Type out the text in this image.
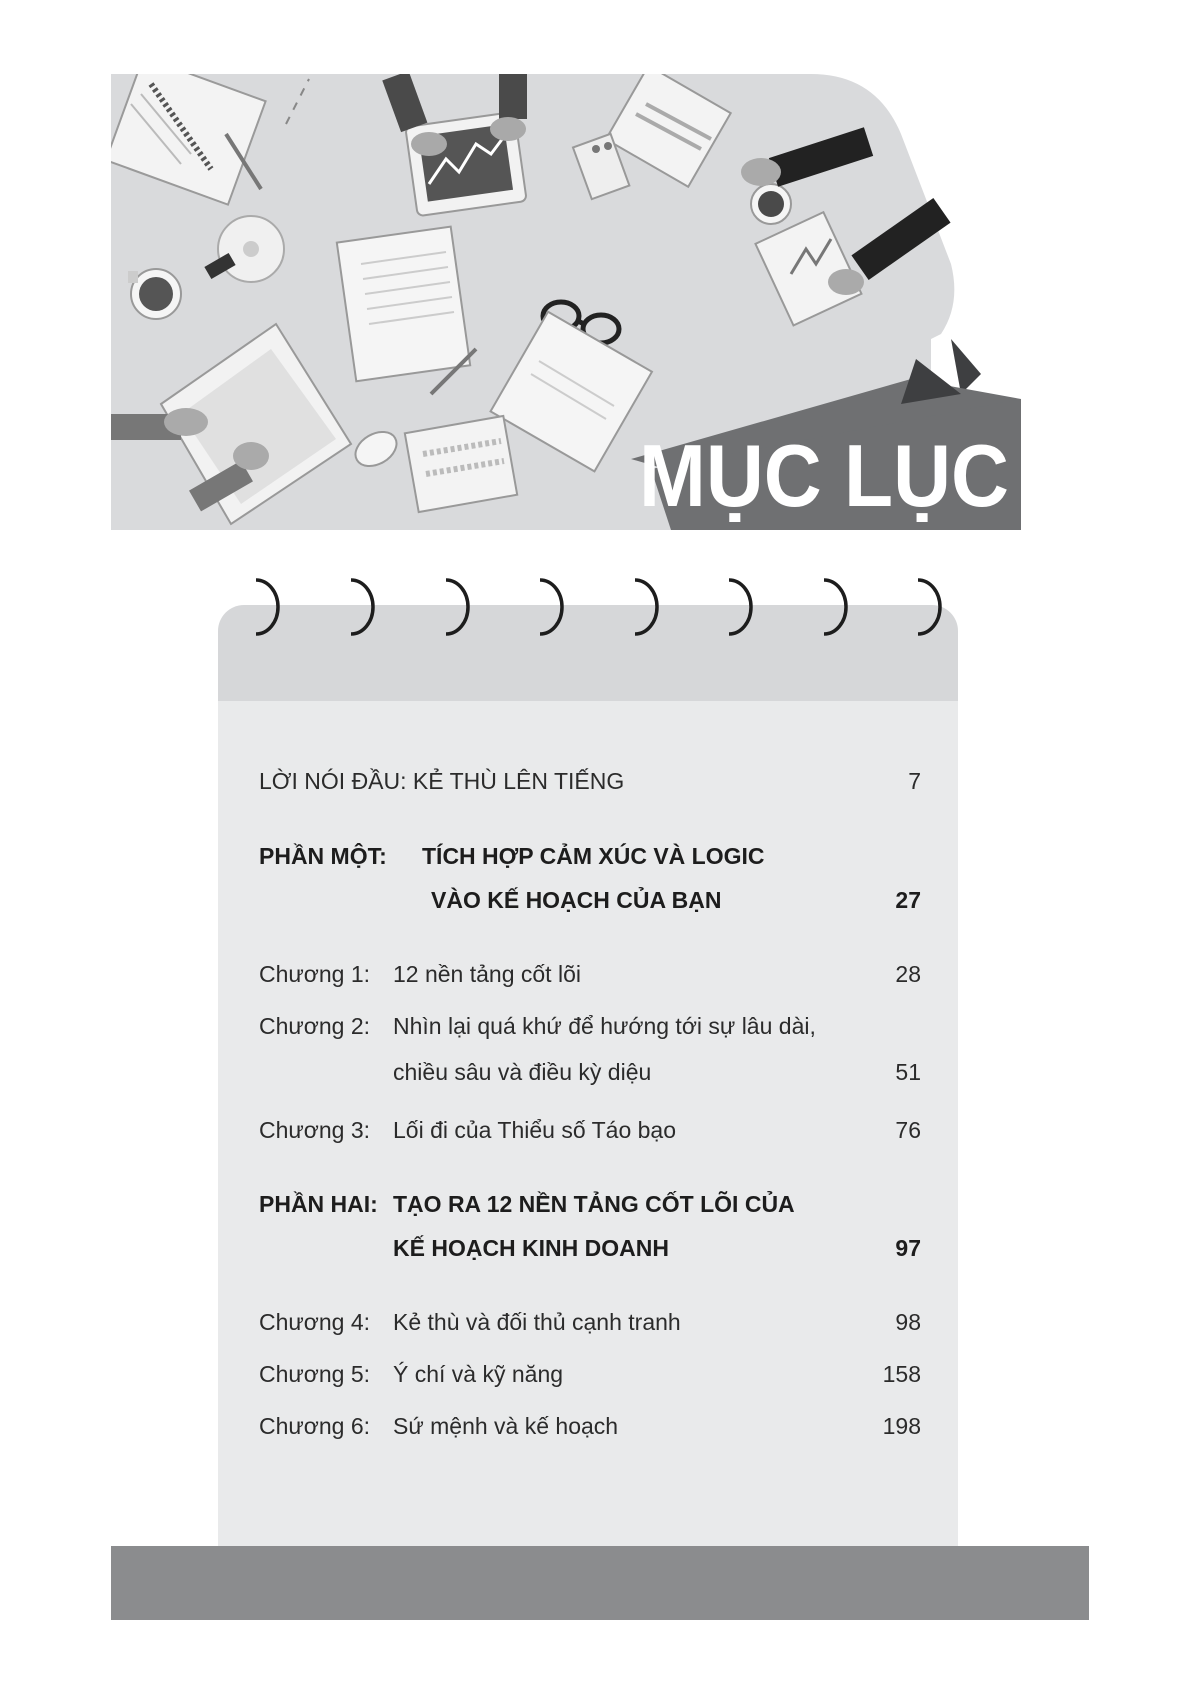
MỤC LỤC
LỜI NÓI ĐẦU: KẺ THÙ LÊN TIẾNG	7
PHẦN MỘT: TÍCH HỢP CẢM XÚC VÀ LOGIC
VÀO KẾ HOẠCH CỦA BẠN	27
Chương 1: 12 nền tảng cốt lõi	28
Chương 2: Nhìn lại quá khứ để hướng tới sự lâu dài,
chiều sâu và điều kỳ diệu	51
Chương 3: Lối đi của Thiểu số Táo bạo	76
PHẦN HAI: TẠO RA 12 NỀN TẢNG CỐT LÕI CỦA
KẾ HOẠCH KINH DOANH	97
Chương 4: Kẻ thù và đối thủ cạnh tranh	98
Chương 5: Ý chí và kỹ năng	158
Chương 6: Sứ mệnh và kế hoạch	198
